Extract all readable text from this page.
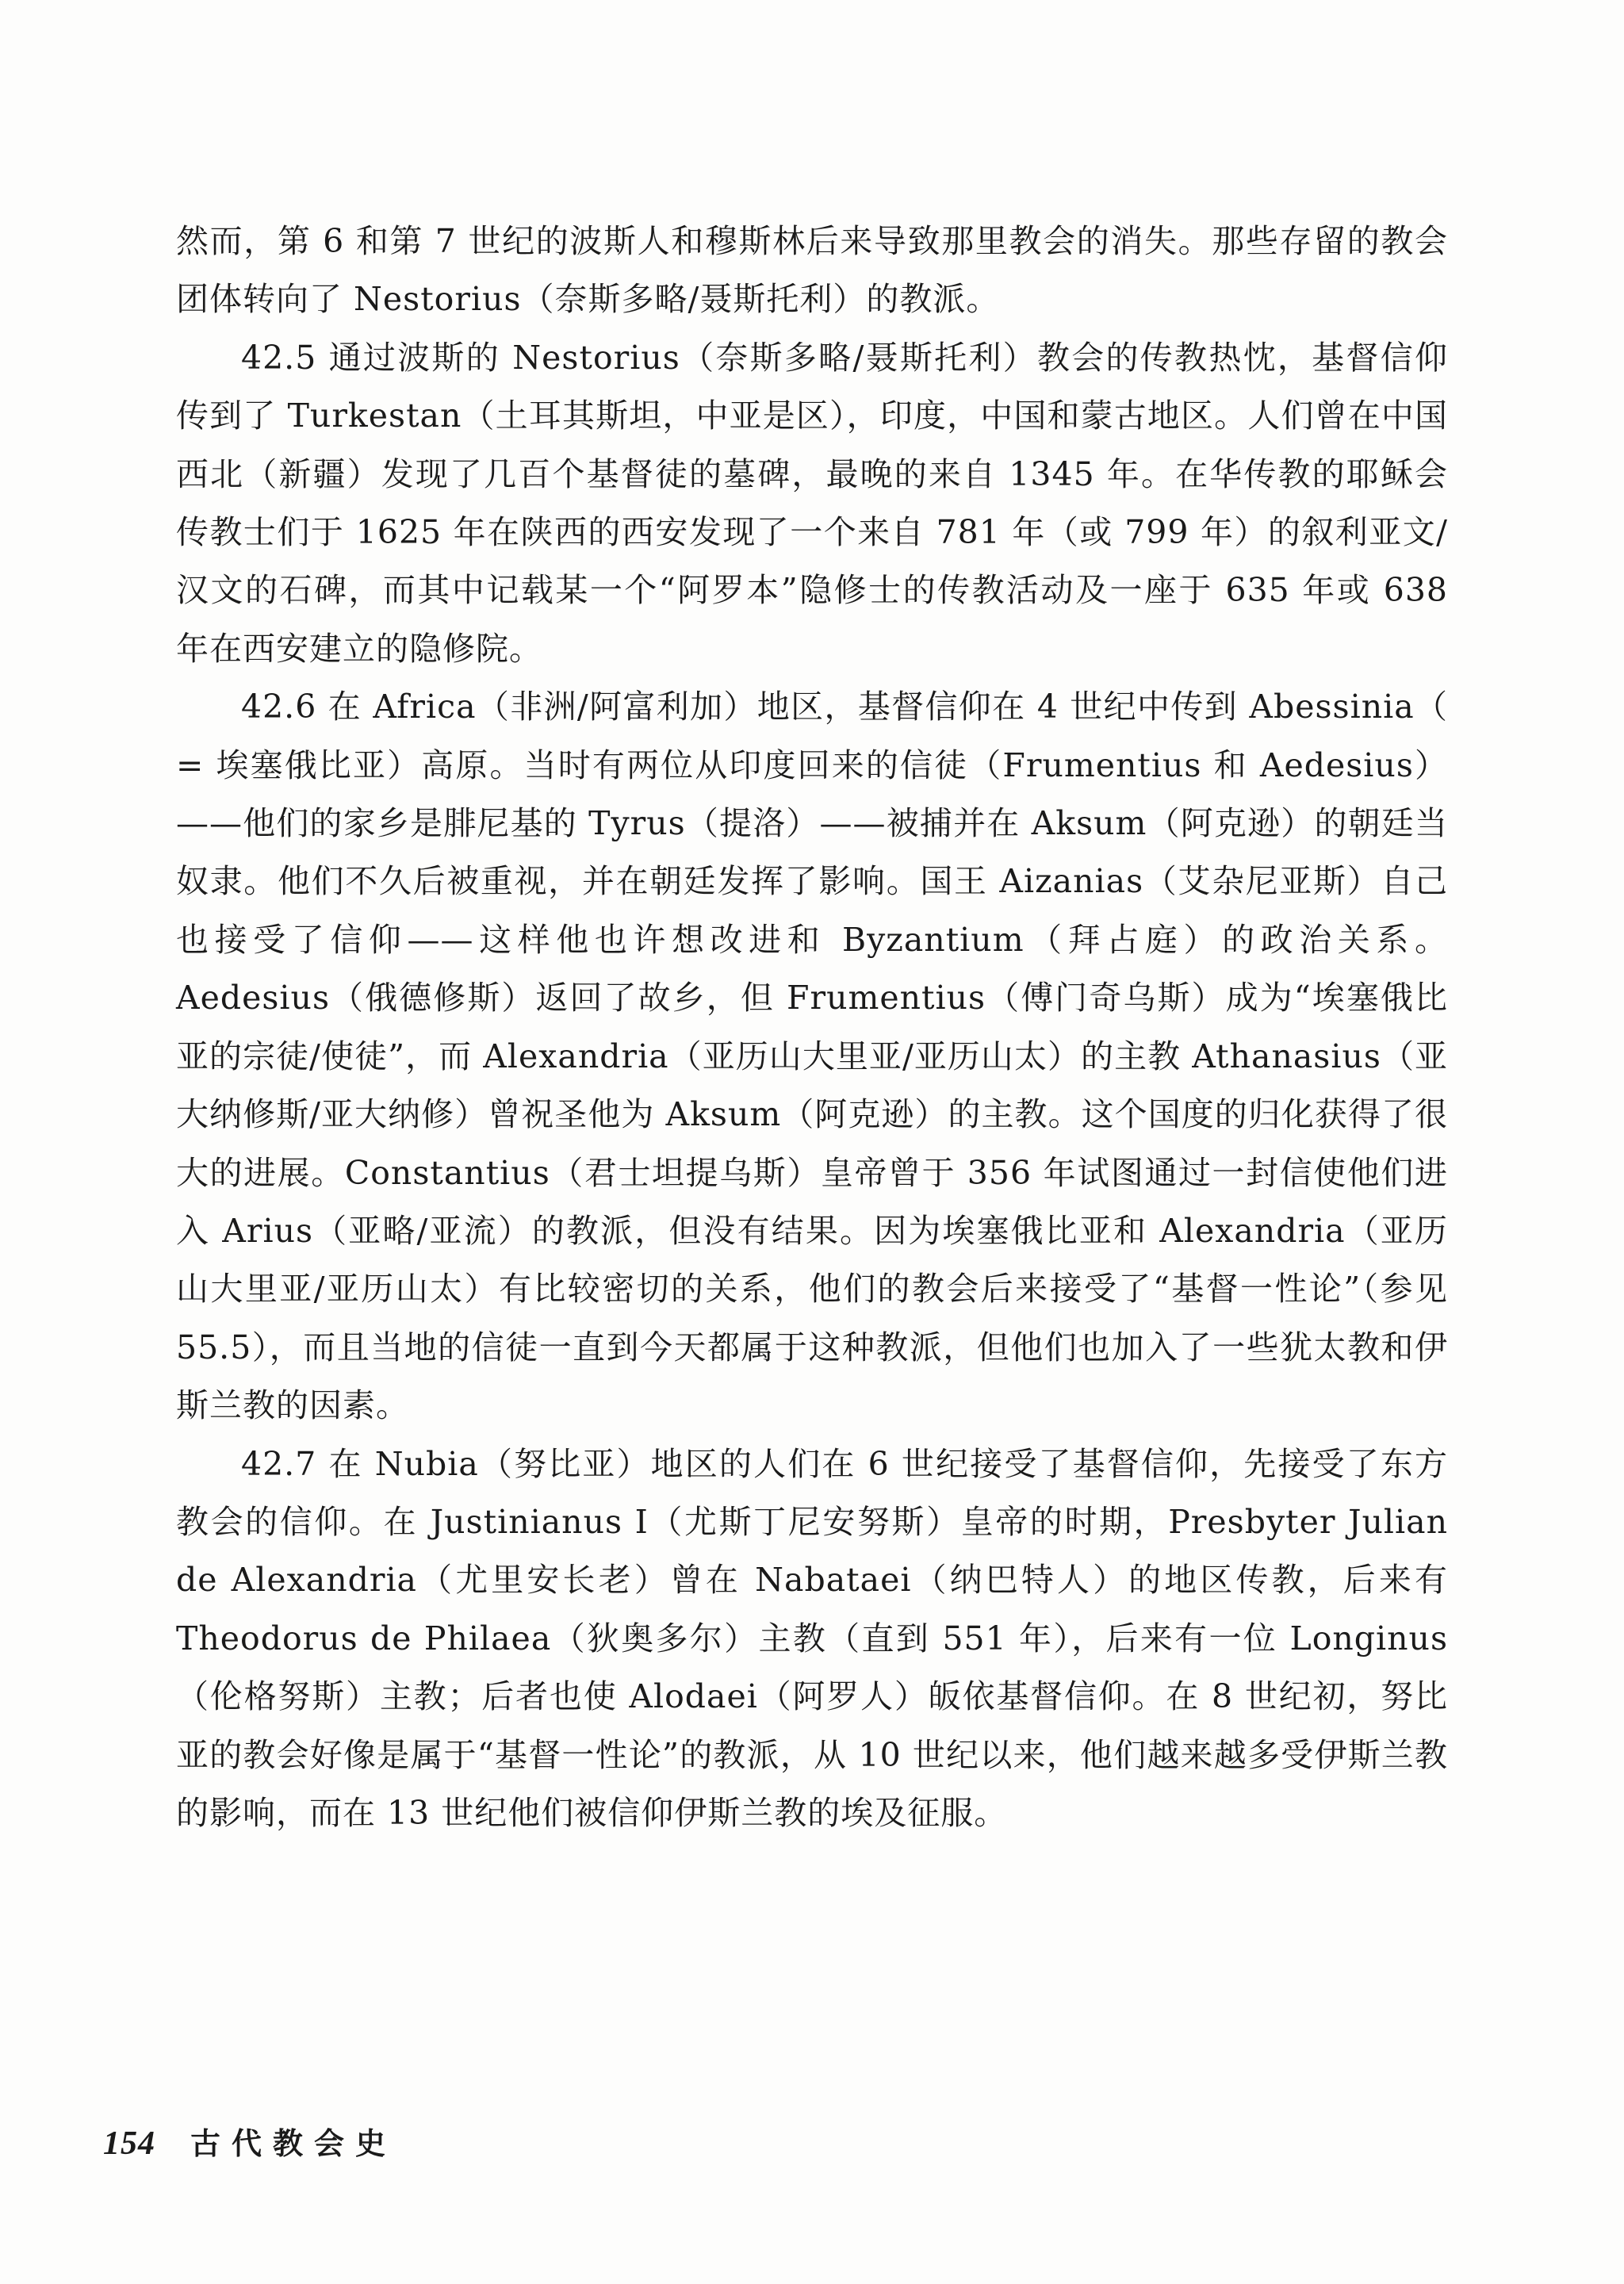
然而，第 6 和第 7 世纪的波斯人和穆斯林后来导致那里教会的消失。那些存留的教会团体转向了 Nestorius（奈斯多略/聂斯托利）的教派。

42.5 通过波斯的 Nestorius（奈斯多略/聂斯托利）教会的传教热忱，基督信仰传到了 Turkestan（土耳其斯坦，中亚是区），印度，中国和蒙古地区。人们曾在中国西北（新疆）发现了几百个基督徒的墓碑，最晚的来自 1345 年。在华传教的耶稣会传教士们于 1625 年在陕西的西安发现了一个来自 781 年（或 799 年）的叙利亚文/汉文的石碑，而其中记载某一个“阿罗本”隐修士的传教活动及一座于 635 年或 638 年在西安建立的隐修院。

42.6 在 Africa（非洲/阿富利加）地区，基督信仰在 4 世纪中传到 Abessinia（ = 埃塞俄比亚）高原。当时有两位从印度回来的信徒（Frumentius 和 Aedesius）——他们的家乡是腓尼基的 Tyrus（提洛）——被捕并在 Aksum（阿克逊）的朝廷当奴隶。他们不久后被重视，并在朝廷发挥了影响。国王 Aizanias（艾杂尼亚斯）自己也接受了信仰——这样他也许想改进和 Byzantium（拜占庭）的政治关系。Aedesius（俄德修斯）返回了故乡，但 Frumentius（傅门奇乌斯）成为“埃塞俄比亚的宗徒/使徒”，而 Alexandria（亚历山大里亚/亚历山太）的主教 Athanasius（亚大纳修斯/亚大纳修）曾祝圣他为 Aksum（阿克逊）的主教。这个国度的归化获得了很大的进展。Constantius（君士坦提乌斯）皇帝曾于 356 年试图通过一封信使他们进入 Arius（亚略/亚流）的教派，但没有结果。因为埃塞俄比亚和 Alexandria（亚历山大里亚/亚历山太）有比较密切的关系，他们的教会后来接受了“基督一性论”（参见 55.5），而且当地的信徒一直到今天都属于这种教派，但他们也加入了一些犹太教和伊斯兰教的因素。

42.7 在 Nubia（努比亚）地区的人们在 6 世纪接受了基督信仰，先接受了东方教会的信仰。在 Justinianus I（尤斯丁尼安努斯）皇帝的时期，Presbyter Julian de Alexandria（尤里安长老）曾在 Nabataei（纳巴特人）的地区传教，后来有 Theodorus de Philaea（狄奥多尔）主教（直到 551 年），后来有一位 Longinus（伦格努斯）主教；后者也使 Alodaei（阿罗人）皈依基督信仰。在 8 世纪初，努比亚的教会好像是属于“基督一性论”的教派，从 10 世纪以来，他们越来越多受伊斯兰教的影响，而在 13 世纪他们被信仰伊斯兰教的埃及征服。

154 古代教会史
